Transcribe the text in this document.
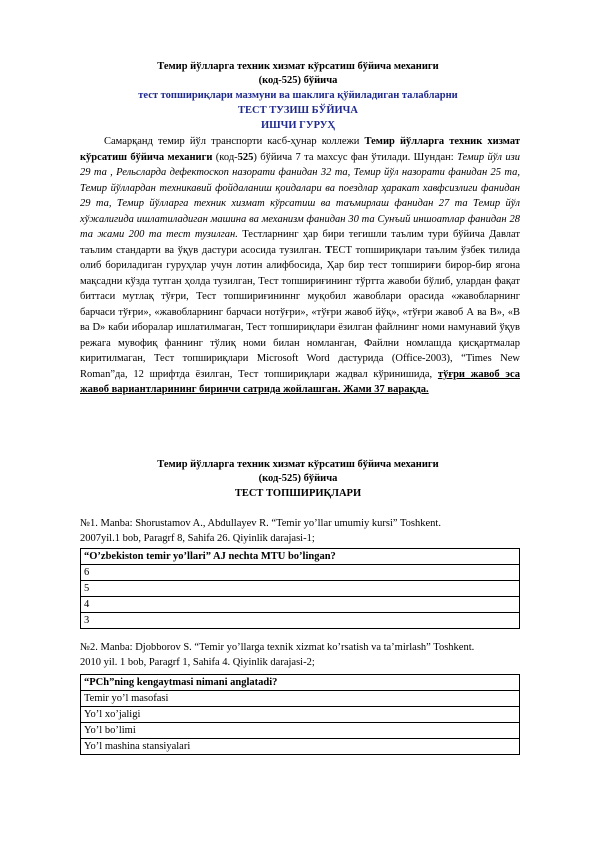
Темир йўлларга техник хизмат кўрсатиш бўйича механиги
(код-525) бўйича
тест топшириқлари мазмуни ва шаклига қўйиладиган талабларни
ТЕСТ ТУЗИШ БЎЙИЧА
ИШЧИ ГУРУҲ
Самарқанд темир йўл транспорти касб-ҳунар коллежи Темир йўлларга техник хизмат кўрсатиш бўйича механиги (код-525) бўйича 7 та махсус фан ўтилади. Шундан: Темир йўл изи 29 та , Рельсларда дефектоскоп назорати фанидан 32 та, Темир йўл назорати фанидан 25 та, Темир йўллардан техникавий фойдаланиш қоидалари ва поездлар ҳаракат хавфсизлиги фанидан 29 та, Темир йўлларга техник хизмат кўрсатиш ва таъмирлаш фанидан 27 та Темир йўл хўжалигида ишлатиладиган машина ва механизм фанидан 30 та Сунъий иншоатлар фанидан 28 та жами 200 та тест тузилган. Тестларнинг ҳар бири тегишли таълим тури бўйича Давлат таълим стандарти ва ўқув дастури асосида тузилган. ТЕСТ топшириқлари таълим ўзбек тилида олиб бориладиган гуруҳлар учун лотин алифбосида, Ҳар бир тест топшириғи бирор-бир ягона мақсадни кўзда тутган ҳолда тузилган, Тест топшириғининг тўртта жавоби бўлиб, улардан фақат биттаси мутлақ тўғри, Тест топшириғининнг муқобил жавоблари орасида «жавобларнинг барчаси тўғри», «жавобларнинг барчаси нотўғри», «тўғри жавоб йўқ», «тўғри жавоб А ва В», «В ва D» каби иборалар ишлатилмаган, Тест топшириқлари ёзилган файлнинг номи намунавий ўқув режага мувофиқ фаннинг тўлиқ номи билан номланган, Файлни номлашда қисқартмалар киритилмаган, Тест топшириқлари Microsoft Word дастурида (Office-2003), “Times New Roman”да, 12 шрифтда ёзилган, Тест топшириқлари жадвал кўринишида, тўғри жавоб эса жавоб вариантларининг биринчи сатрида жойлашган. Жами 37 варақда.
Темир йўлларга техник хизмат кўрсатиш бўйича механиги
(код-525) бўйича
ТЕСТ ТОПШИРИҚЛАРИ
№1. Manba: Shorustamov A., Abdullayev R. “Temir yo’llar umumiy kursi” Toshkent.
2007yil.1 bob, Paragrf 8, Sahifa 26. Qiyinlik darajasi-1;
“O’zbekiston temir yo’llari” AJ nechta MTU bo’lingan?
6
5
4
3
№2. Manba: Djobborov S. “Temir yo’llarga texnik xizmat ko’rsatish va ta’mirlash” Toshkent.
2010 yil. 1 bob, Paragrf 1, Sahifa 4. Qiyinlik darajasi-2;
“PCh”ning kengaytmasi nimani anglatadi?
Temir yo’l masofasi
Yo’l xo’jaligi
Yo’l bo’limi
Yo’l mashina stansiyalari
